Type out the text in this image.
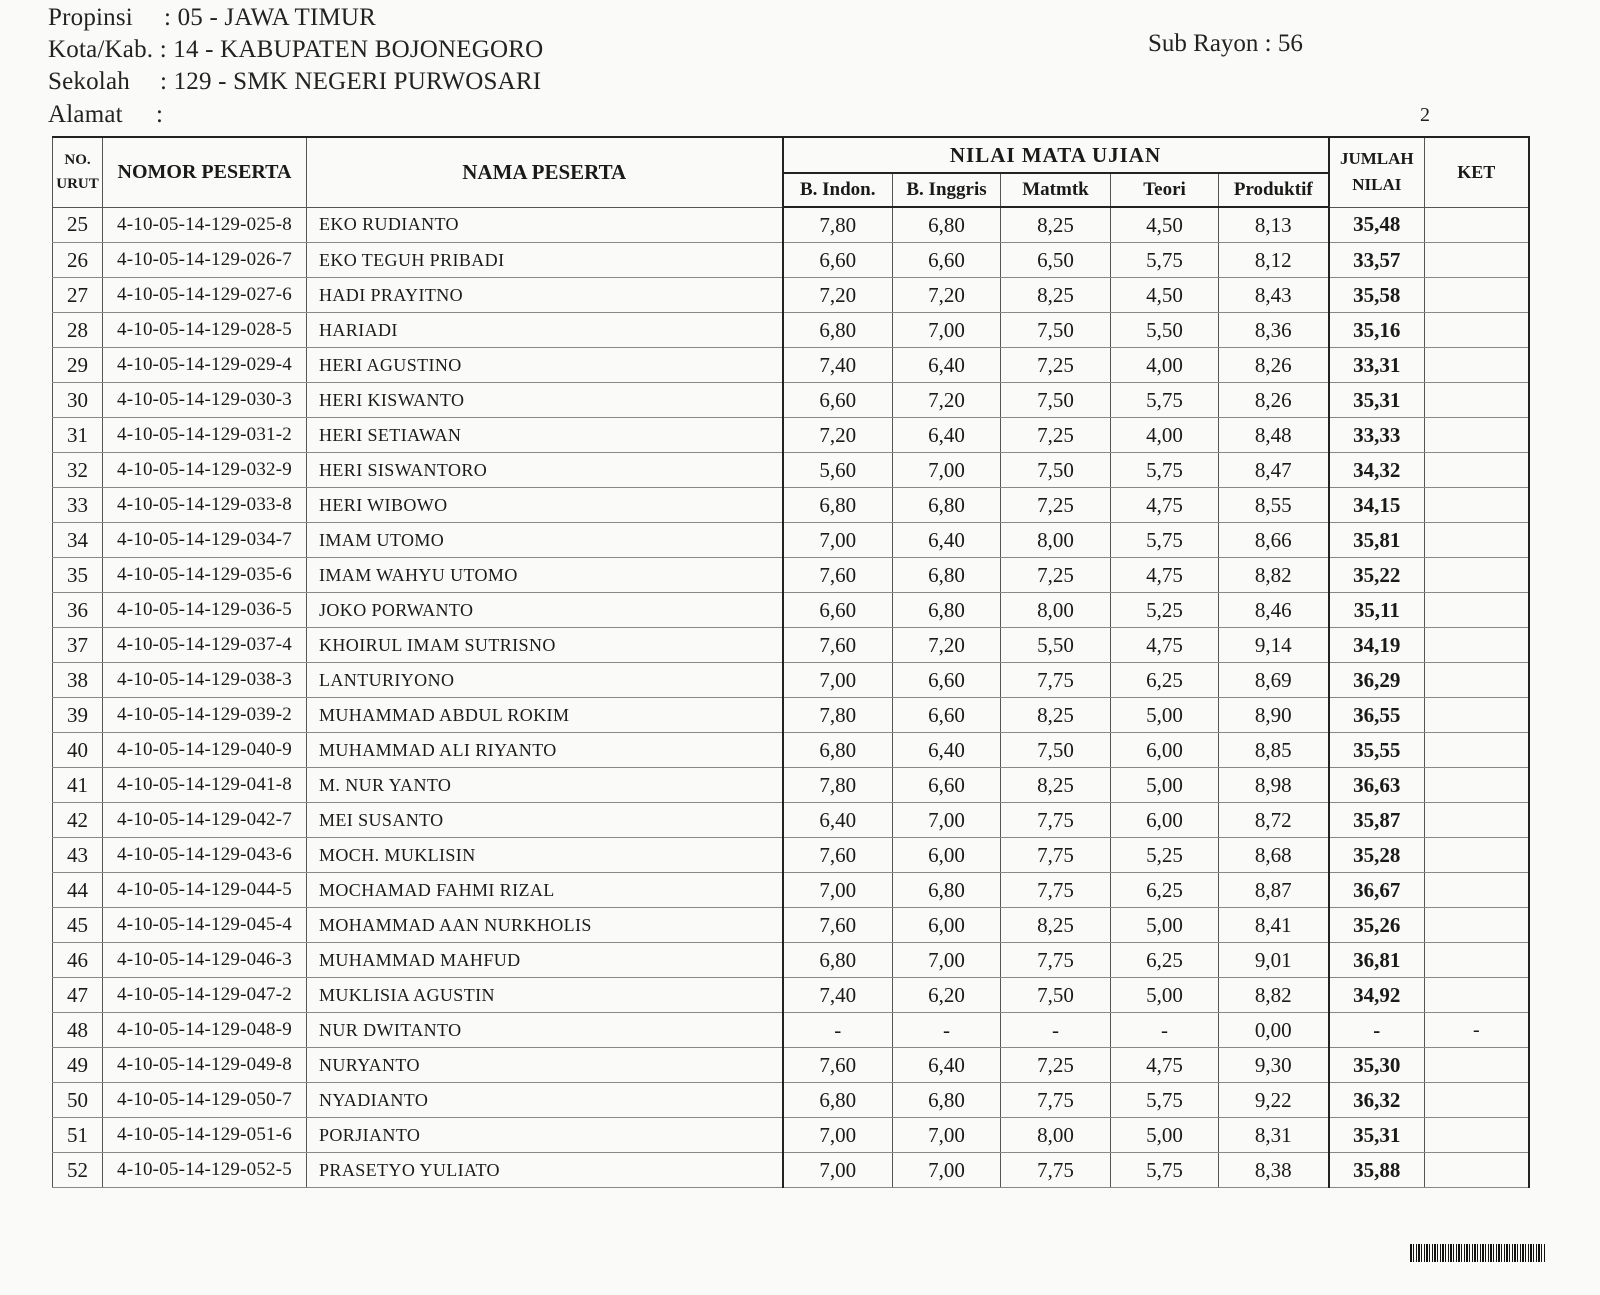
Propinsi : 05 - JAWA TIMUR
Kota/Kab. : 14 - KABUPATEN BOJONEGORO
Sekolah : 129 - SMK NEGERI PURWOSARI
Alamat :
Sub Rayon : 56
2
NO. URUT	NOMOR PESERTA	NAMA PESERTA	NILAI MATA UJIAN					JUMLAH NILAI	KET
			B. Indon.	B. Inggris	Matmtk	Teori	Produktif		
25	4-10-05-14-129-025-8	EKO RUDIANTO	7,80	6,80	8,25	4,50	8,13	35,48	
26	4-10-05-14-129-026-7	EKO TEGUH PRIBADI	6,60	6,60	6,50	5,75	8,12	33,57	
27	4-10-05-14-129-027-6	HADI PRAYITNO	7,20	7,20	8,25	4,50	8,43	35,58	
28	4-10-05-14-129-028-5	HARIADI	6,80	7,00	7,50	5,50	8,36	35,16	
29	4-10-05-14-129-029-4	HERI AGUSTINO	7,40	6,40	7,25	4,00	8,26	33,31	
30	4-10-05-14-129-030-3	HERI KISWANTO	6,60	7,20	7,50	5,75	8,26	35,31	
31	4-10-05-14-129-031-2	HERI SETIAWAN	7,20	6,40	7,25	4,00	8,48	33,33	
32	4-10-05-14-129-032-9	HERI SISWANTORO	5,60	7,00	7,50	5,75	8,47	34,32	
33	4-10-05-14-129-033-8	HERI WIBOWO	6,80	6,80	7,25	4,75	8,55	34,15	
34	4-10-05-14-129-034-7	IMAM UTOMO	7,00	6,40	8,00	5,75	8,66	35,81	
35	4-10-05-14-129-035-6	IMAM WAHYU UTOMO	7,60	6,80	7,25	4,75	8,82	35,22	
36	4-10-05-14-129-036-5	JOKO PORWANTO	6,60	6,80	8,00	5,25	8,46	35,11	
37	4-10-05-14-129-037-4	KHOIRUL IMAM SUTRISNO	7,60	7,20	5,50	4,75	9,14	34,19	
38	4-10-05-14-129-038-3	LANTURIYONO	7,00	6,60	7,75	6,25	8,69	36,29	
39	4-10-05-14-129-039-2	MUHAMMAD ABDUL ROKIM	7,80	6,60	8,25	5,00	8,90	36,55	
40	4-10-05-14-129-040-9	MUHAMMAD ALI RIYANTO	6,80	6,40	7,50	6,00	8,85	35,55	
41	4-10-05-14-129-041-8	M. NUR YANTO	7,80	6,60	8,25	5,00	8,98	36,63	
42	4-10-05-14-129-042-7	MEI SUSANTO	6,40	7,00	7,75	6,00	8,72	35,87	
43	4-10-05-14-129-043-6	MOCH. MUKLISIN	7,60	6,00	7,75	5,25	8,68	35,28	
44	4-10-05-14-129-044-5	MOCHAMAD FAHMI RIZAL	7,00	6,80	7,75	6,25	8,87	36,67	
45	4-10-05-14-129-045-4	MOHAMMAD AAN NURKHOLIS	7,60	6,00	8,25	5,00	8,41	35,26	
46	4-10-05-14-129-046-3	MUHAMMAD MAHFUD	6,80	7,00	7,75	6,25	9,01	36,81	
47	4-10-05-14-129-047-2	MUKLISIA AGUSTIN	7,40	6,20	7,50	5,00	8,82	34,92	
48	4-10-05-14-129-048-9	NUR DWITANTO	-	-	-	-	0,00	-	-
49	4-10-05-14-129-049-8	NURYANTO	7,60	6,40	7,25	4,75	9,30	35,30	
50	4-10-05-14-129-050-7	NYADIANTO	6,80	6,80	7,75	5,75	9,22	36,32	
51	4-10-05-14-129-051-6	PORJIANTO	7,00	7,00	8,00	5,00	8,31	35,31	
52	4-10-05-14-129-052-5	PRASETYO YULIATO	7,00	7,00	7,75	5,75	8,38	35,88	
